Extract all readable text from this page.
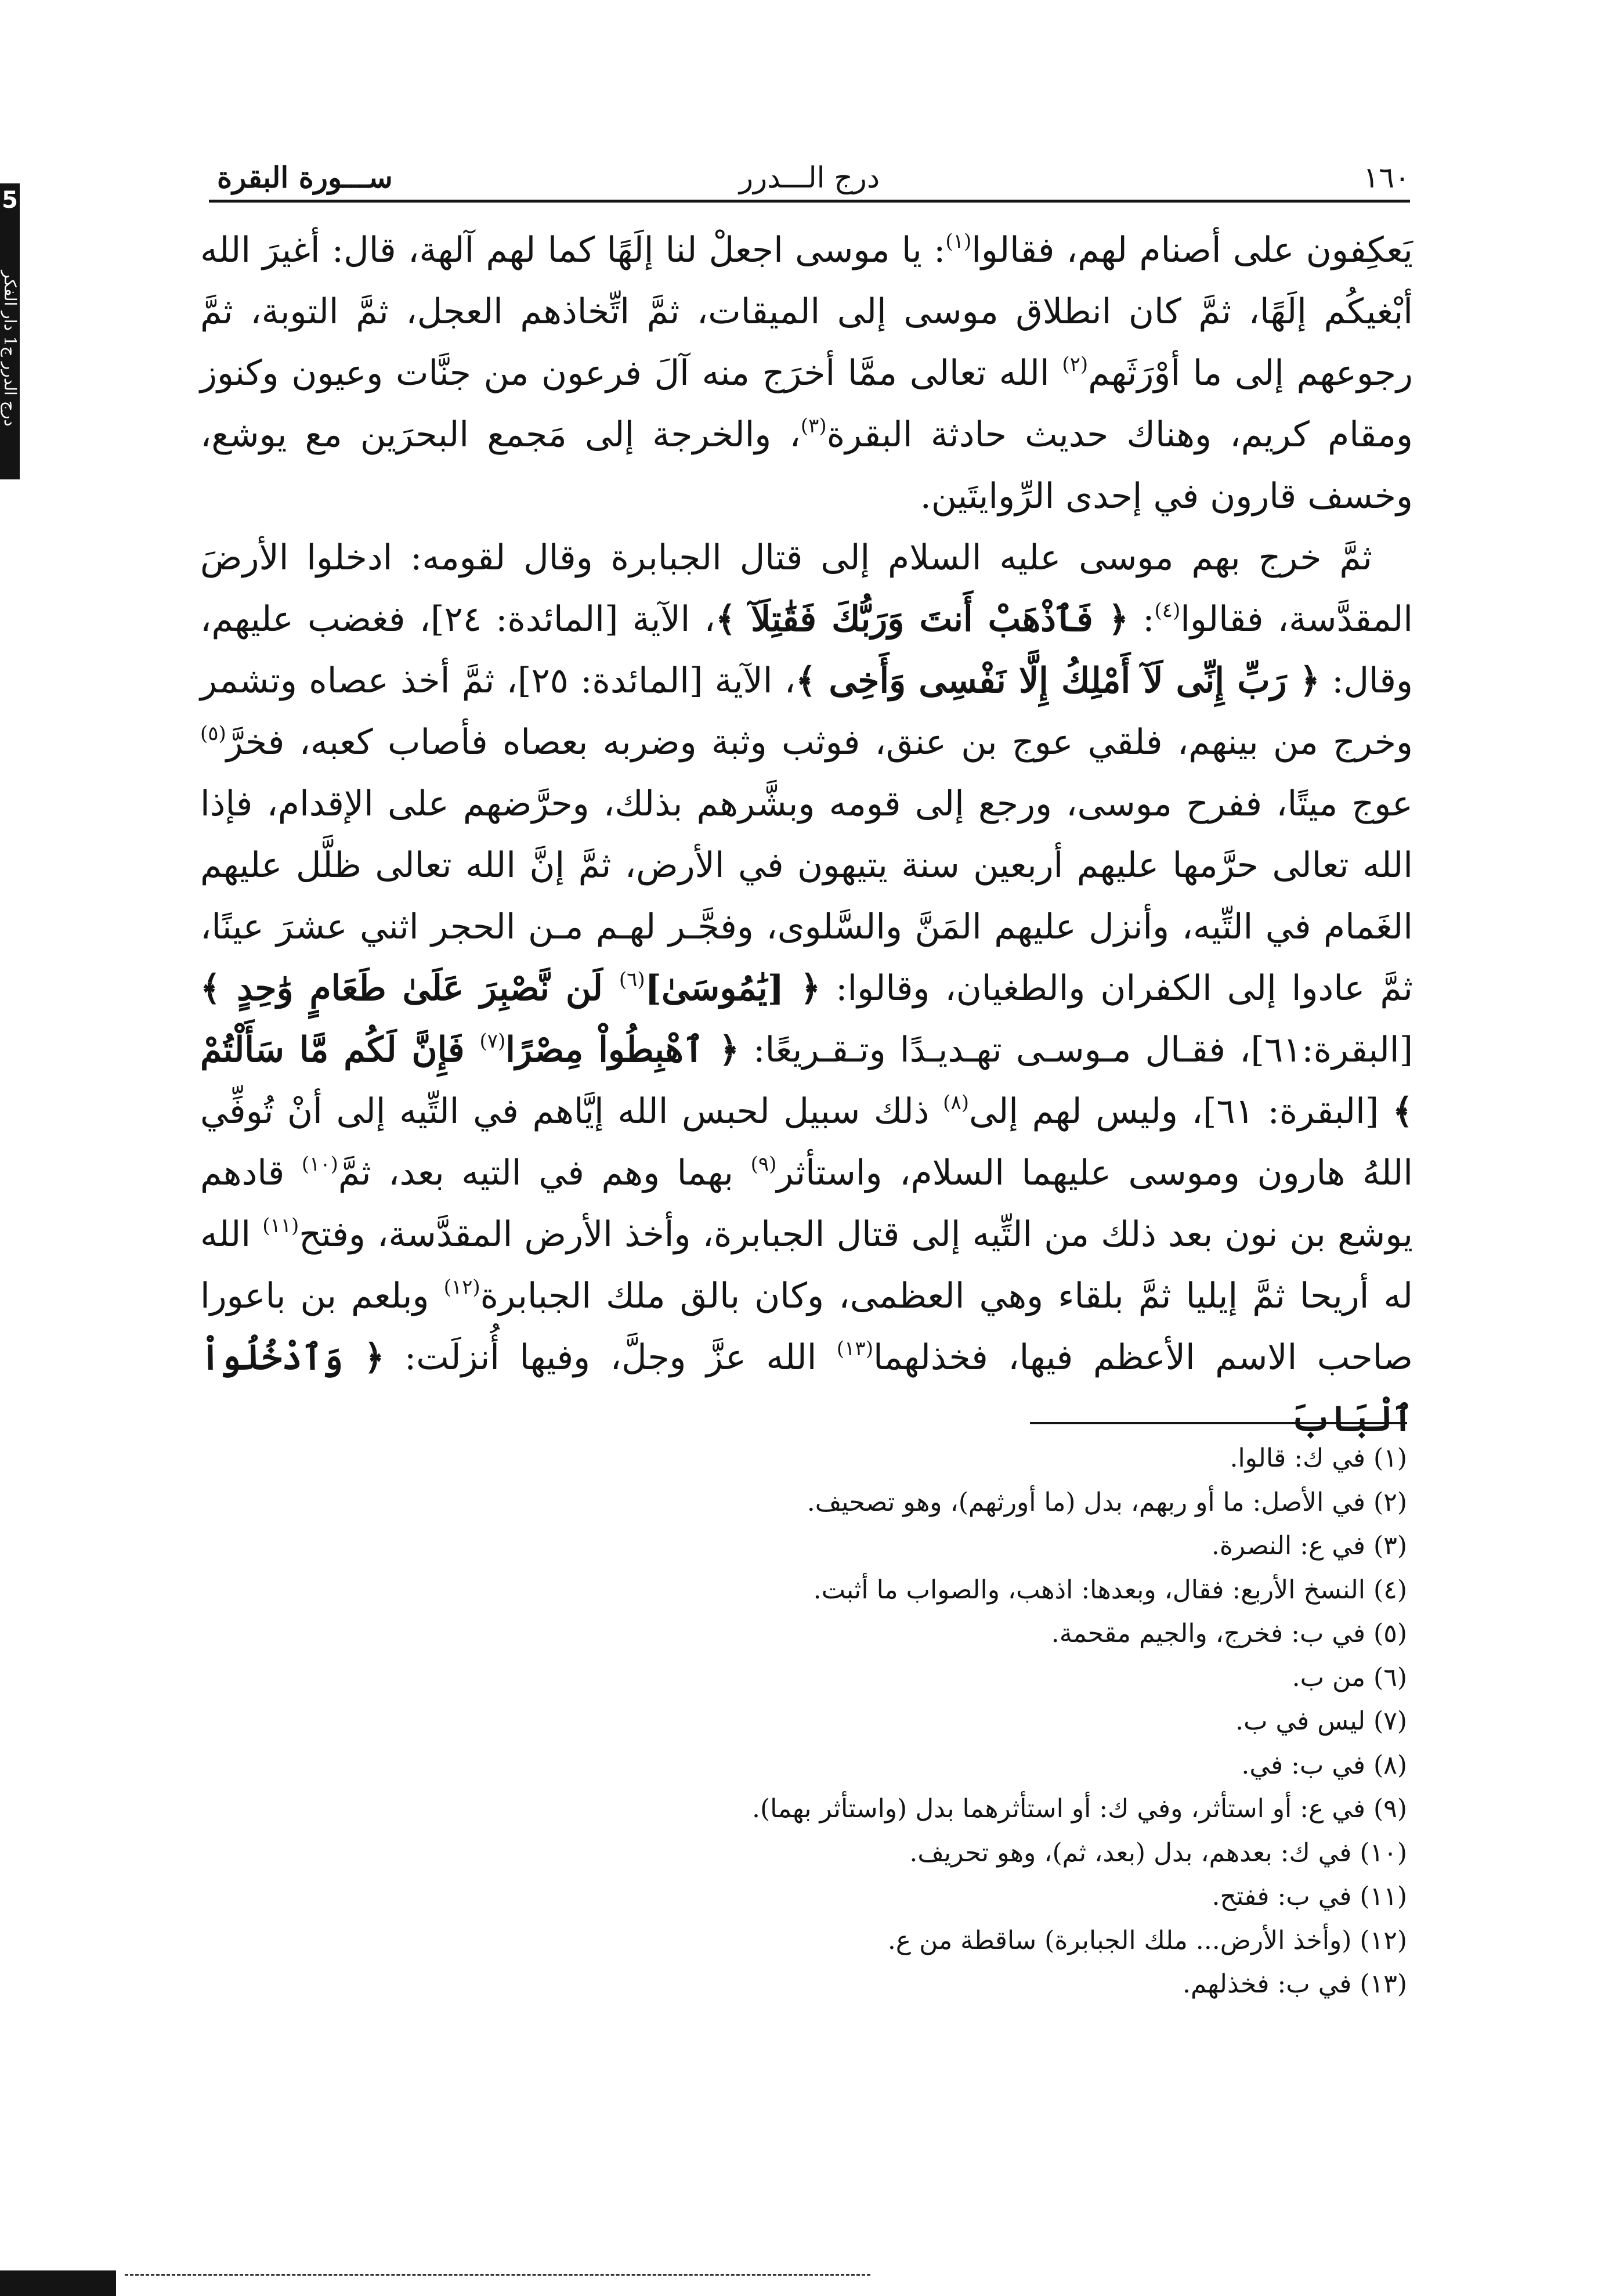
5
درج الدرر ج1 دار الفكر
١٦٠
درج الـــدرر
ســـورة البقرة

يَعكِفون على أصنام لهم، فقالوا$^{(١)}$: يا موسى اجعلْ لنا إلَهًا كما لهم آلهة، قال: أغيرَ الله أبْغيكُم إلَهًا، ثمَّ كان انطلاق موسى إلى الميقات، ثمَّ اتِّخاذهم العجل، ثمَّ التوبة، ثمَّ رجوعهم إلى ما أوْرَثَهم$^{(٢)}$ الله تعالى ممَّا أخرَج منه آلَ فرعون من جنَّات وعيون وكنوز ومقام كريم، وهناك حديث حادثة البقرة$^{(٣)}$، والخرجة إلى مَجمع البحرَين مع يوشع، وخسف قارون في إحدى الرِّوايتَين.

ثمَّ خرج بهم موسى عليه السلام إلى قتال الجبابرة وقال لقومه: ادخلوا الأرضَ المقدَّسة، فقالوا$^{(٤)}$: ﴿ فَٱذْهَبْ أَنتَ وَرَبُّكَ فَقَٰتِلَآ ﴾، الآية [المائدة: ٢٤]، فغضب عليهم، وقال: ﴿ رَبِّ إِنِّى لَآ أَمْلِكُ إِلَّا نَفْسِى وَأَخِى ﴾، الآية [المائدة: ٢٥]، ثمَّ أخذ عصاه وتشمر وخرج من بينهم، فلقي عوج بن عنق، فوثب وثبة وضربه بعصاه فأصاب كعبه، فخرَّ$^{(٥)}$ عوج ميتًا، ففرح موسى، ورجع إلى قومه وبشَّرهم بذلك، وحرَّضهم على الإقدام، فإذا الله تعالى حرَّمها عليهم أربعين سنة يتيهون في الأرض، ثمَّ إنَّ الله تعالى ظلَّل عليهم الغَمام في التِّيه، وأنزل عليهم المَنَّ والسَّلوى، وفجَّـر لهـم مـن الحجر اثني عشرَ عينًا، ثمَّ عادوا إلى الكفران والطغيان، وقالوا: ﴿ [يَٰمُوسَىٰ]$^{(٦)}$ لَن نَّصْبِرَ عَلَىٰ طَعَامٍ وَٰحِدٍ ﴾ [البقرة:٦١]، فقـال مـوسـى تهـديـدًا وتـقـريعًا: ﴿ ٱهْبِطُواْ مِصْرًا$^{(٧)}$ فَإِنَّ لَكُم مَّا سَأَلْتُمْ ﴾ [البقرة: ٦١]، وليس لهم إلى$^{(٨)}$ ذلك سبيل لحبس الله إيَّاهم في التِّيه إلى أنْ تُوفِّي اللهُ هارون وموسى عليهما السلام، واستأثر$^{(٩)}$ بهما وهم في التيه بعد، ثمَّ$^{(١٠)}$ قادهم يوشع بن نون بعد ذلك من التِّيه إلى قتال الجبابرة، وأخذ الأرض المقدَّسة، وفتح$^{(١١)}$ الله له أريحا ثمَّ إيليا ثمَّ بلقاء وهي العظمى، وكان بالق ملك الجبابرة$^{(١٢)}$ وبلعم بن باعورا صاحب الاسم الأعظم فيها، فخذلهما$^{(١٣)}$ الله عزَّ وجلَّ، وفيها أُنزلَت: ﴿ وَٱدْخُلُواْ ٱلْبَابَ

(١) في ك: قالوا.
(٢) في الأصل: ما أو ربهم، بدل (ما أورثهم)، وهو تصحيف.
(٣) في ع: النصرة.
(٤) النسخ الأربع: فقال، وبعدها: اذهب، والصواب ما أثبت.
(٥) في ب: فخرج، والجيم مقحمة.
(٦) من ب.
(٧) ليس في ب.
(٨) في ب: في.
(٩) في ع: أو استأثر، وفي ك: أو استأثرهما بدل (واستأثر بهما).
(١٠) في ك: بعدهم، بدل (بعد، ثم)، وهو تحريف.
(١١) في ب: ففتح.
(١٢) (وأخذ الأرض... ملك الجبابرة) ساقطة من ع.
(١٣) في ب: فخذلهم.
